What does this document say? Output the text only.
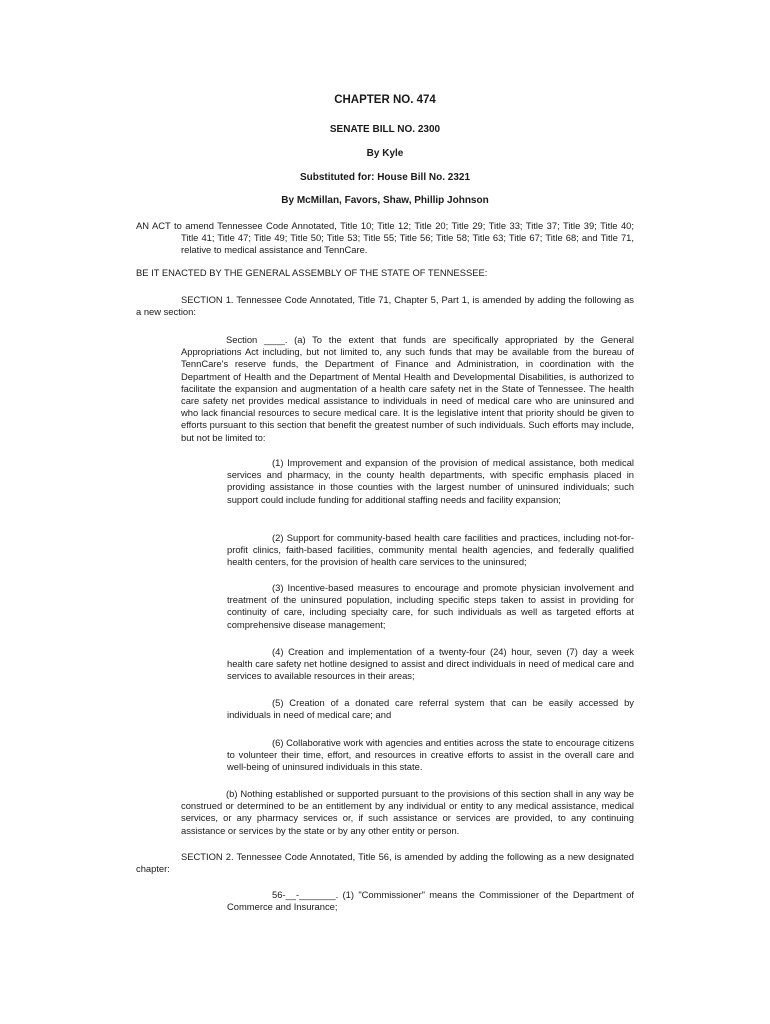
CHAPTER NO. 474
SENATE BILL NO. 2300
By Kyle
Substituted for: House Bill No. 2321
By McMillan, Favors, Shaw, Phillip Johnson

AN ACT to amend Tennessee Code Annotated, Title 10; Title 12; Title 20; Title 29; Title 33; Title 37; Title 39; Title 40; Title 41; Title 47; Title 49; Title 50; Title 53; Title 55; Title 56; Title 58; Title 63; Title 67; Title 68; and Title 71, relative to medical assistance and TennCare.

BE IT ENACTED BY THE GENERAL ASSEMBLY OF THE STATE OF TENNESSEE:

SECTION 1. Tennessee Code Annotated, Title 71, Chapter 5, Part 1, is amended by adding the following as a new section:

Section ____. (a) To the extent that funds are specifically appropriated by the General Appropriations Act including, but not limited to, any such funds that may be available from the bureau of TennCare's reserve funds, the Department of Finance and Administration, in coordination with the Department of Health and the Department of Mental Health and Developmental Disabilities, is authorized to facilitate the expansion and augmentation of a health care safety net in the State of Tennessee. The health care safety net provides medical assistance to individuals in need of medical care who are uninsured and who lack financial resources to secure medical care. It is the legislative intent that priority should be given to efforts pursuant to this section that benefit the greatest number of such individuals. Such efforts may include, but not be limited to:

(1) Improvement and expansion of the provision of medical assistance, both medical services and pharmacy, in the county health departments, with specific emphasis placed in providing assistance in those counties with the largest number of uninsured individuals; such support could include funding for additional staffing needs and facility expansion;

(2) Support for community-based health care facilities and practices, including not-for-profit clinics, faith-based facilities, community mental health agencies, and federally qualified health centers, for the provision of health care services to the uninsured;

(3) Incentive-based measures to encourage and promote physician involvement and treatment of the uninsured population, including specific steps taken to assist in providing for continuity of care, including specialty care, for such individuals as well as targeted efforts at comprehensive disease management;

(4) Creation and implementation of a twenty-four (24) hour, seven (7) day a week health care safety net hotline designed to assist and direct individuals in need of medical care and services to available resources in their areas;

(5) Creation of a donated care referral system that can be easily accessed by individuals in need of medical care; and

(6) Collaborative work with agencies and entities across the state to encourage citizens to volunteer their time, effort, and resources in creative efforts to assist in the overall care and well-being of uninsured individuals in this state.

(b) Nothing established or supported pursuant to the provisions of this section shall in any way be construed or determined to be an entitlement by any individual or entity to any medical assistance, medical services, or any pharmacy services or, if such assistance or services are provided, to any continuing assistance or services by the state or by any other entity or person.

SECTION 2. Tennessee Code Annotated, Title 56, is amended by adding the following as a new designated chapter:

56-__-_______. (1) "Commissioner" means the Commissioner of the Department of Commerce and Insurance;
